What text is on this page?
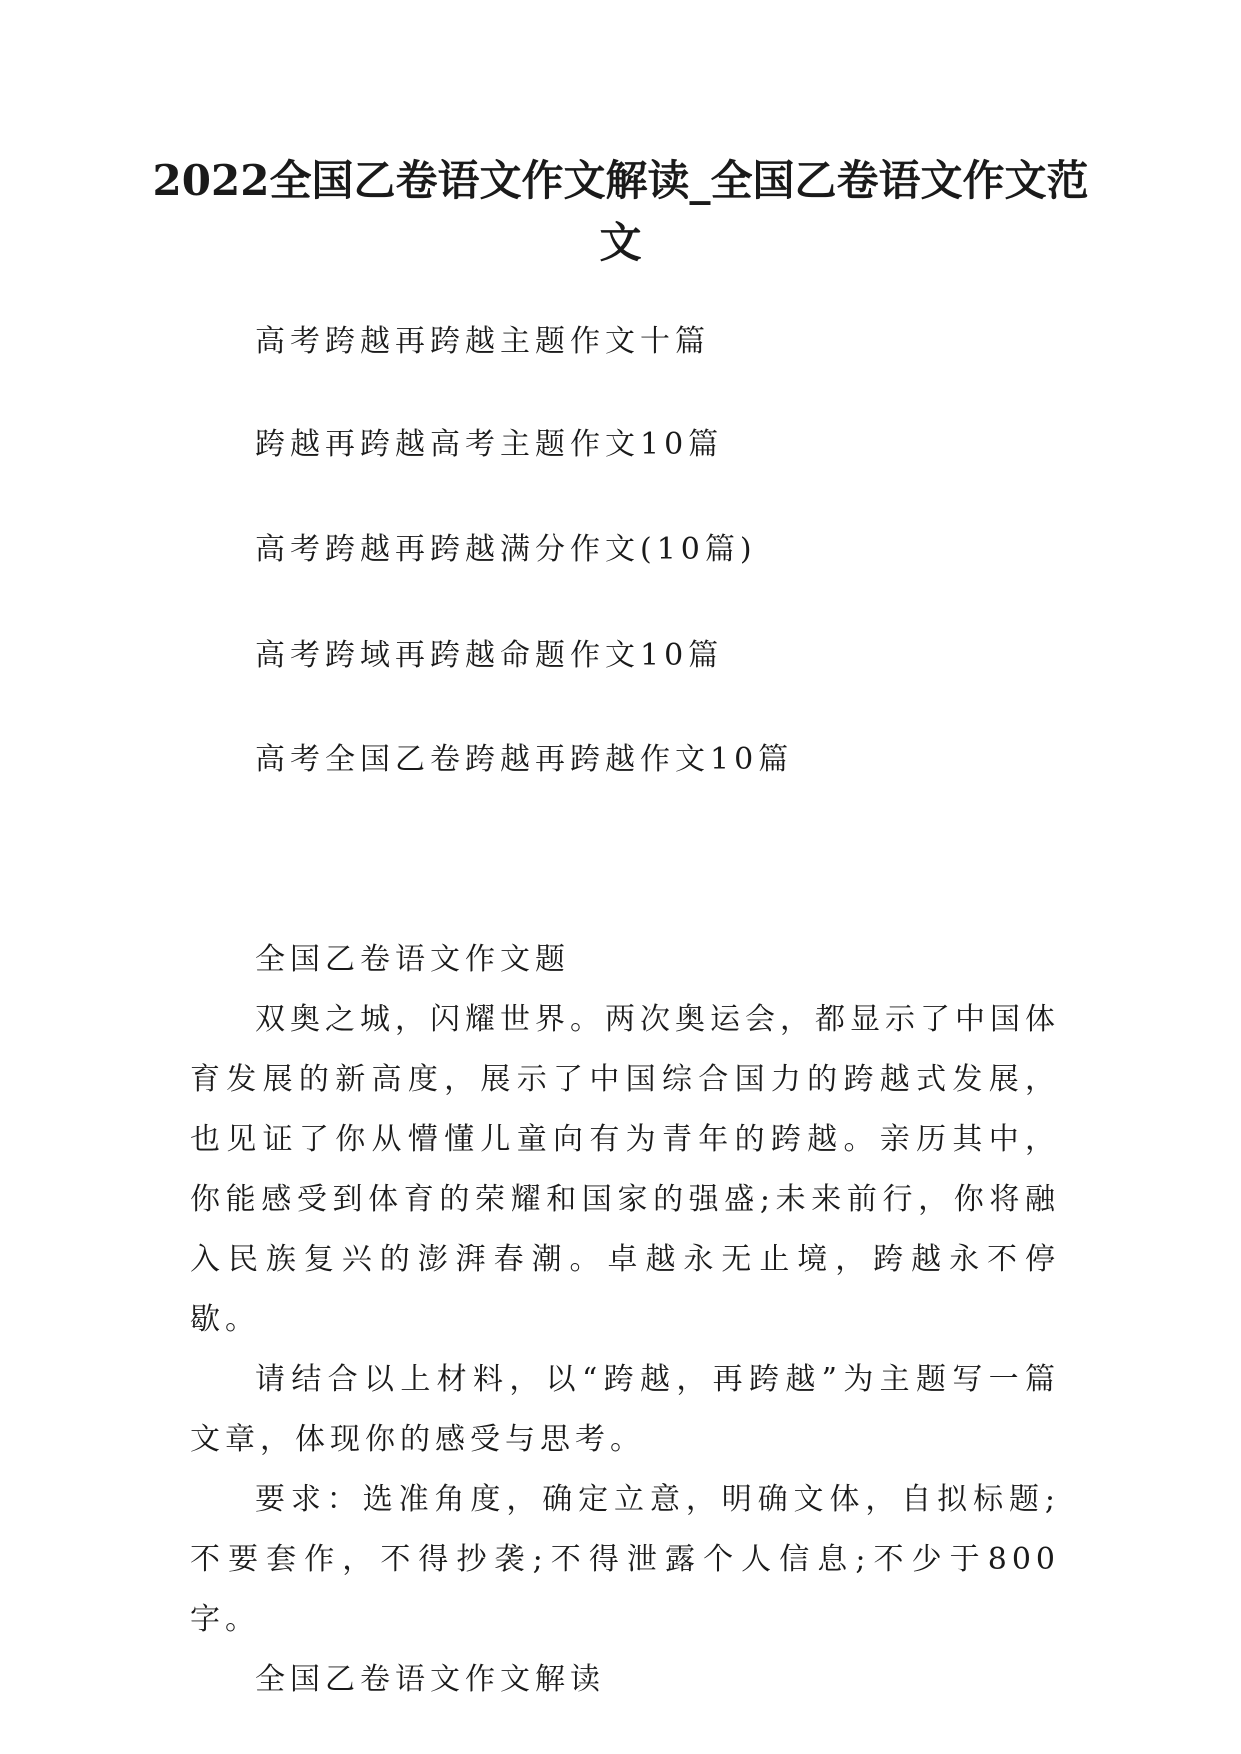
2022全国乙卷语文作文解读_全国乙卷语文作文范文
高考跨越再跨越主题作文十篇
跨越再跨越高考主题作文10篇
高考跨越再跨越满分作文(10篇)
高考跨域再跨越命题作文10篇
高考全国乙卷跨越再跨越作文10篇

全国乙卷语文作文题

双奥之城，闪耀世界。两次奥运会，都显示了中国体育发展的新高度，展示了中国综合国力的跨越式发展，也见证了你从懵懂儿童向有为青年的跨越。亲历其中，你能感受到体育的荣耀和国家的强盛;未来前行，你将融入民族复兴的澎湃春潮。卓越永无止境，跨越永不停歇。

请结合以上材料，以“跨越，再跨越”为主题写一篇文章，体现你的感受与思考。

要求：选准角度，确定立意，明确文体，自拟标题;不要套作，不得抄袭;不得泄露个人信息;不少于800字。

全国乙卷语文作文解读
